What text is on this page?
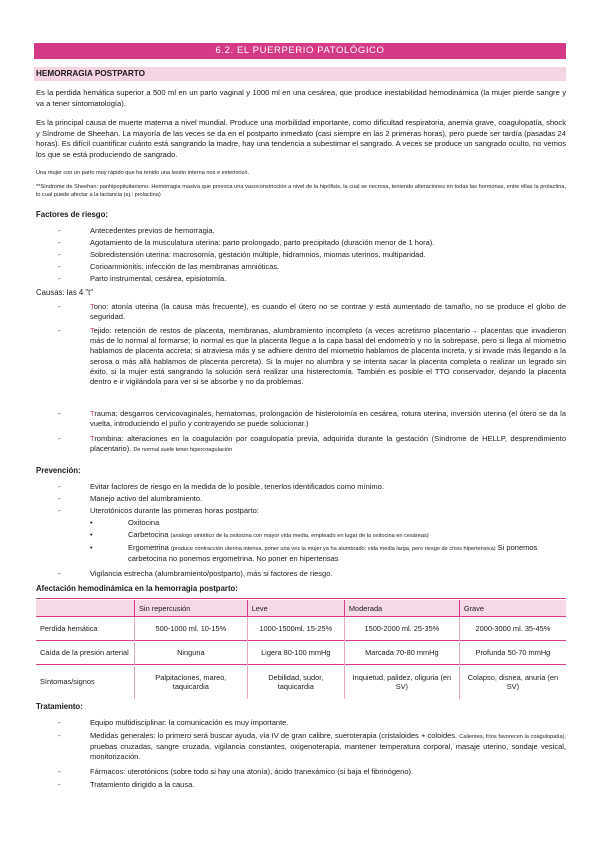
6.2. EL PUERPERIO PATOLÓGICO
HEMORRAGIA POSTPARTO
Es la perdida hemática superior a 500 ml en un parto vaginal y 1000 ml en una cesárea, que produce inestabilidad hemodinámica (la mujer pierde sangre y va a tener sintomatología).
Es la principal causa de muerte materna a nivel mundial. Produce una morbilidad importante, como dificultad respiratoria, anemia grave, coagulopatía, shock y Síndrome de Sheehan. La mayoría de las veces se da en el postparto inmediato (casi siempre en las 2 primeras horas), pero puede ser tardía (pasadas 24 horas). Es difícil cuantificar cuánto está sangrando la madre, hay una tendencia a subestimar el sangrado. A veces se produce un sangrado oculto, no vemos los que se está produciendo de sangrado.
Una mujer con un parto muy rápido que ha tenido una lesión interna nos e exteriorizó.
**Síndrome de Sheehan: panhipopituitarismo. Hemorragia masiva que provoca una vasoconstricción a nivel de la hipófisis, la cual se necrosa, teniendo alteraciones en todas las hormonas, entre ellas la prolactina, lo cual puede afectar a la lactancia (ej.: prolactina)
Factores de riesgo:
-	Antecedentes previos de hemorragia.
-	Agotamiento de la musculatura uterina: parto prolongado, parto precipitado (duración menor de 1 hora).
-	Sobredistensión uterina: macrosomía, gestación múltiple, hidramnios, miomas uterinos, multiparidad.
-	Corioamnionitis: infección de las membranas amnióticas.
-	Parto instrumental, cesárea, episiotomía.
Causas: las 4 "t"
-	Tono: atonía uterina (la causa más frecuente), es cuando el útero no se contrae y está aumentado de tamaño, no se produce el globo de seguridad.
-	Tejido: retención de restos de placenta, membranas, alumbramiento incompleto (a veces acretismo placentario→ placentas que invadieron más de lo normal al formarse; lo normal es que la placenta llegue a la capa basal del endometrio y no la sobrepase, pero si llega al miometrio hablamos de placenta accreta; si atraviesa más y se adhiere dentro del miometrio hablamos de placenta increta, y si invade más llegando a la serosa o más allá hablamos de placenta percreta). Si la mujer no alumbra y se intenta sacar la placenta completa o realizar un legrado sin éxito, si la mujer está sangrando la solución será realizar una histerectomía. También es posible el TTO conservador, dejando la placenta dentro e ir vigilándola para ver si se absorbe y no da problemas.
-	Trauma: desgarros cervicovaginales, hematomas, prolongación de histerotomía en cesárea, rotura uterina, inversión uterina (el útero se da la vuelta, introduciendo el puño y contrayendo se puede solucionar.)
-	Trombina: alteraciones en la coagulación por coagulopatía previa, adquirida durante la gestación (Síndrome de HELLP, desprendimiento placentario). De normal suele tener hipercoagulación
Prevención:
-	Evitar factores de riesgo en la medida de lo posible, tenerlos identificados como mínimo.
-	Manejo activo del alumbramiento.
-	Uterotónicos durante las primeras horas postparto:
•	Oxitocina
•	Carbetocina (análogo sintético de la oxitocina con mayor vida media, empleado en lugar de la oxitocina en cesáreas)
•	Ergometrina (produce contracción uterina intensa, poner una vez la mujer ya ha alumbrado; vida media larga, pero riesgo de crisis hipertensiva) Si ponemos carbetocina no ponemos ergometrina. No poner en hipertensas
-	Vigilancia estrecha (alumbramiento/postparto), más si factores de riesgo.
Afectación hemodinámica en la hemorragia postparto:
	Sin repercusión	Leve	Moderada	Grave
Perdida hemática	500-1000 ml. 10-15%	1000-1500ml. 15-25%	1500-2000 ml. 25-35%	2000-3000 ml. 35-45%
Caída de la presión arterial	Ninguna	Ligera 80-100 mmHg	Marcada 70-80 mmHg	Profunda 50-70 mmHg
Síntomas/signos	Palpitaciones, mareo, taquicardia	Debilidad, sudor, taquicardia	Inquietud, palidez, oliguria (en SV)	Colapso, disnea, anuria (en SV)
Tratamiento:
-	Equipo multidisciplinar: la comunicación es muy importante.
-	Medidas generales: lo primero será buscar ayuda, vía IV de gran calibre, sueroterapia (cristaloides + coloides. Calientes, fríos favorecen la coagulopatía), pruebas cruzadas, sangre cruzada, vigilancia constantes, oxigenoterapia, mantener temperatura corporal, masaje uterino, sondaje vesical, monitorización.
-	Fármacos: uterotónicos (sobre todo si hay una atonía), ácido tranexámico (si baja el fibrinógeno).
-	Tratamiento dirigido a la causa.
